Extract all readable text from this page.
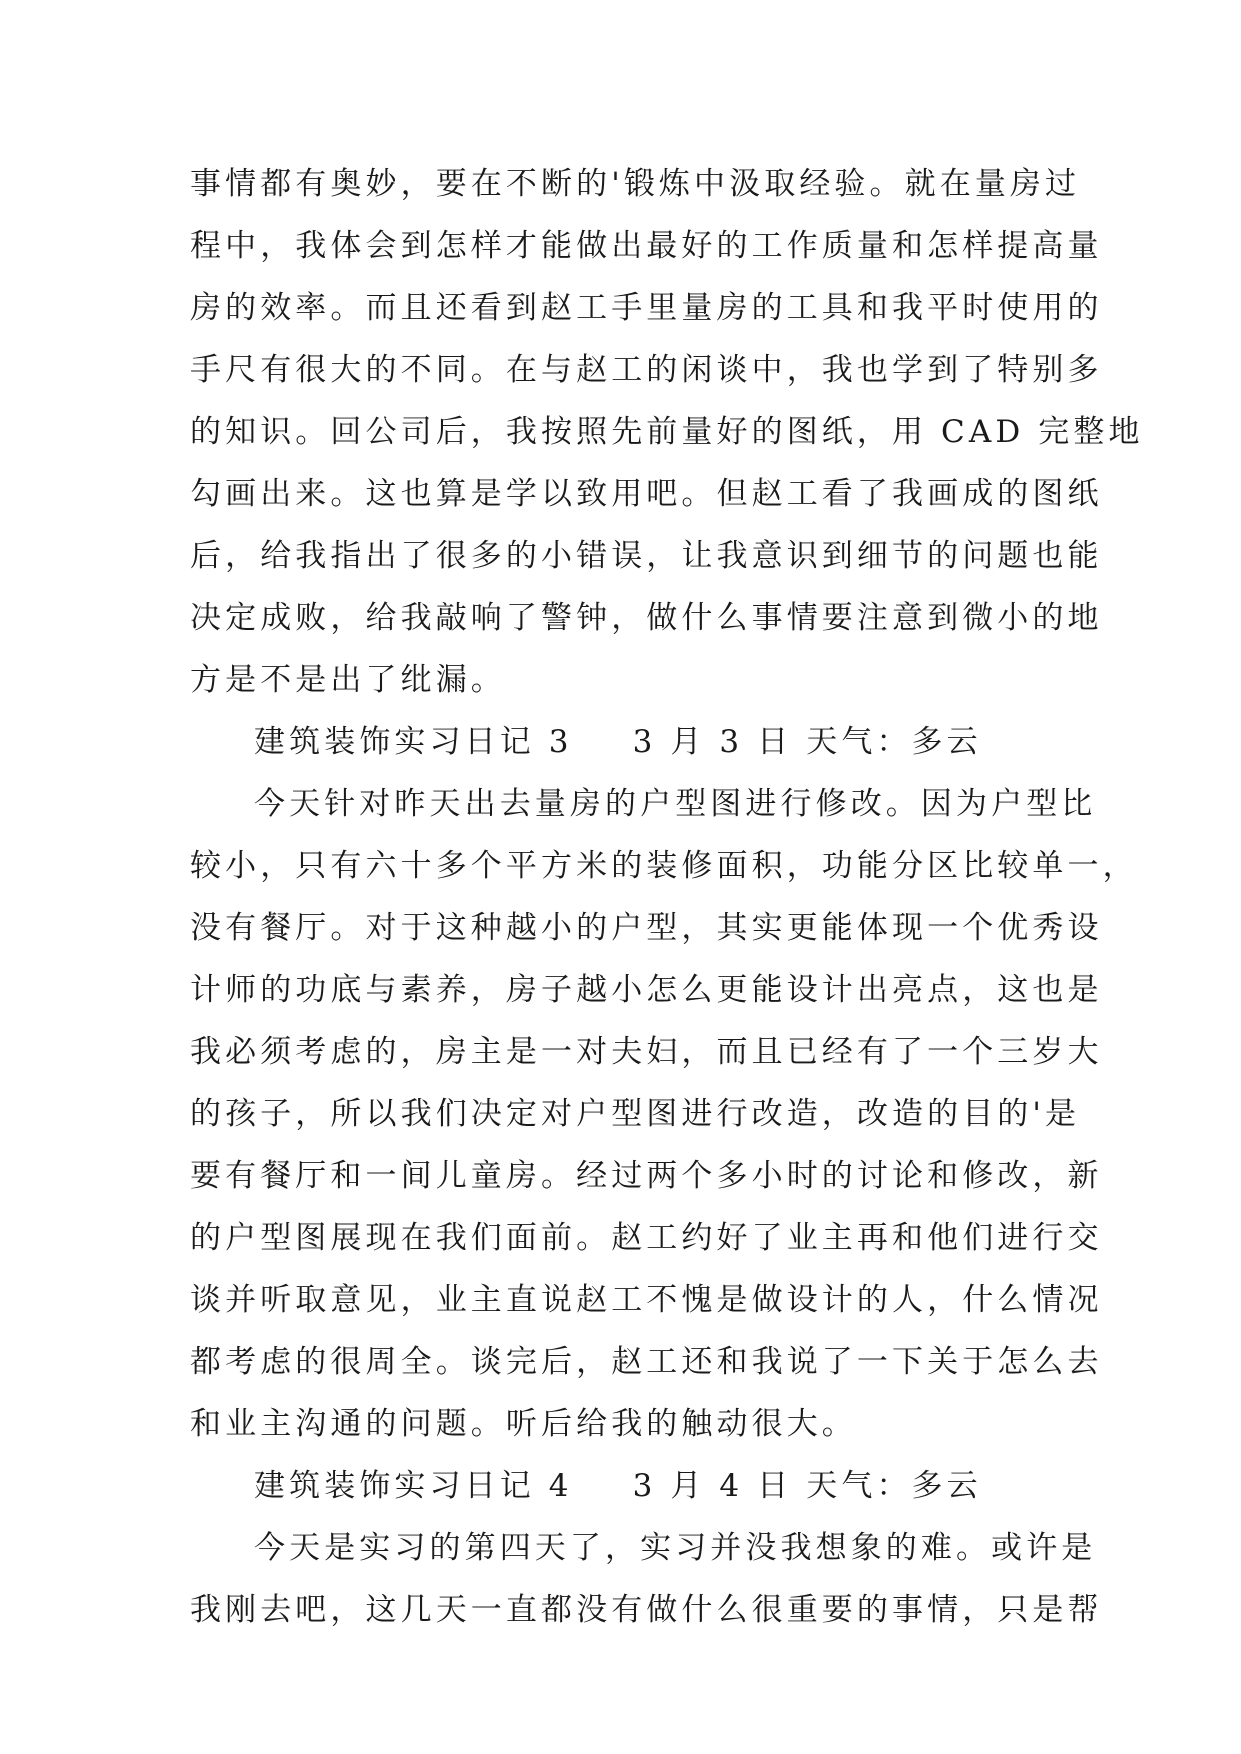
事情都有奥妙，要在不断的'锻炼中汲取经验。就在量房过
程中，我体会到怎样才能做出最好的工作质量和怎样提高量
房的效率。而且还看到赵工手里量房的工具和我平时使用的
手尺有很大的不同。在与赵工的闲谈中，我也学到了特别多
的知识。回公司后，我按照先前量好的图纸，用 CAD 完整地
勾画出来。这也算是学以致用吧。但赵工看了我画成的图纸
后，给我指出了很多的小错误，让我意识到细节的问题也能
决定成败，给我敲响了警钟，做什么事情要注意到微小的地
方是不是出了纰漏。
建筑装饰实习日记 3 3 月 3 日 天气：多云
今天针对昨天出去量房的户型图进行修改。因为户型比
较小，只有六十多个平方米的装修面积，功能分区比较单一，
没有餐厅。对于这种越小的户型，其实更能体现一个优秀设
计师的功底与素养，房子越小怎么更能设计出亮点，这也是
我必须考虑的，房主是一对夫妇，而且已经有了一个三岁大
的孩子，所以我们决定对户型图进行改造，改造的目的'是
要有餐厅和一间儿童房。经过两个多小时的讨论和修改，新
的户型图展现在我们面前。赵工约好了业主再和他们进行交
谈并听取意见，业主直说赵工不愧是做设计的人，什么情况
都考虑的很周全。谈完后，赵工还和我说了一下关于怎么去
和业主沟通的问题。听后给我的触动很大。
建筑装饰实习日记 4 3 月 4 日 天气：多云
今天是实习的第四天了，实习并没我想象的难。或许是
我刚去吧，这几天一直都没有做什么很重要的事情，只是帮
